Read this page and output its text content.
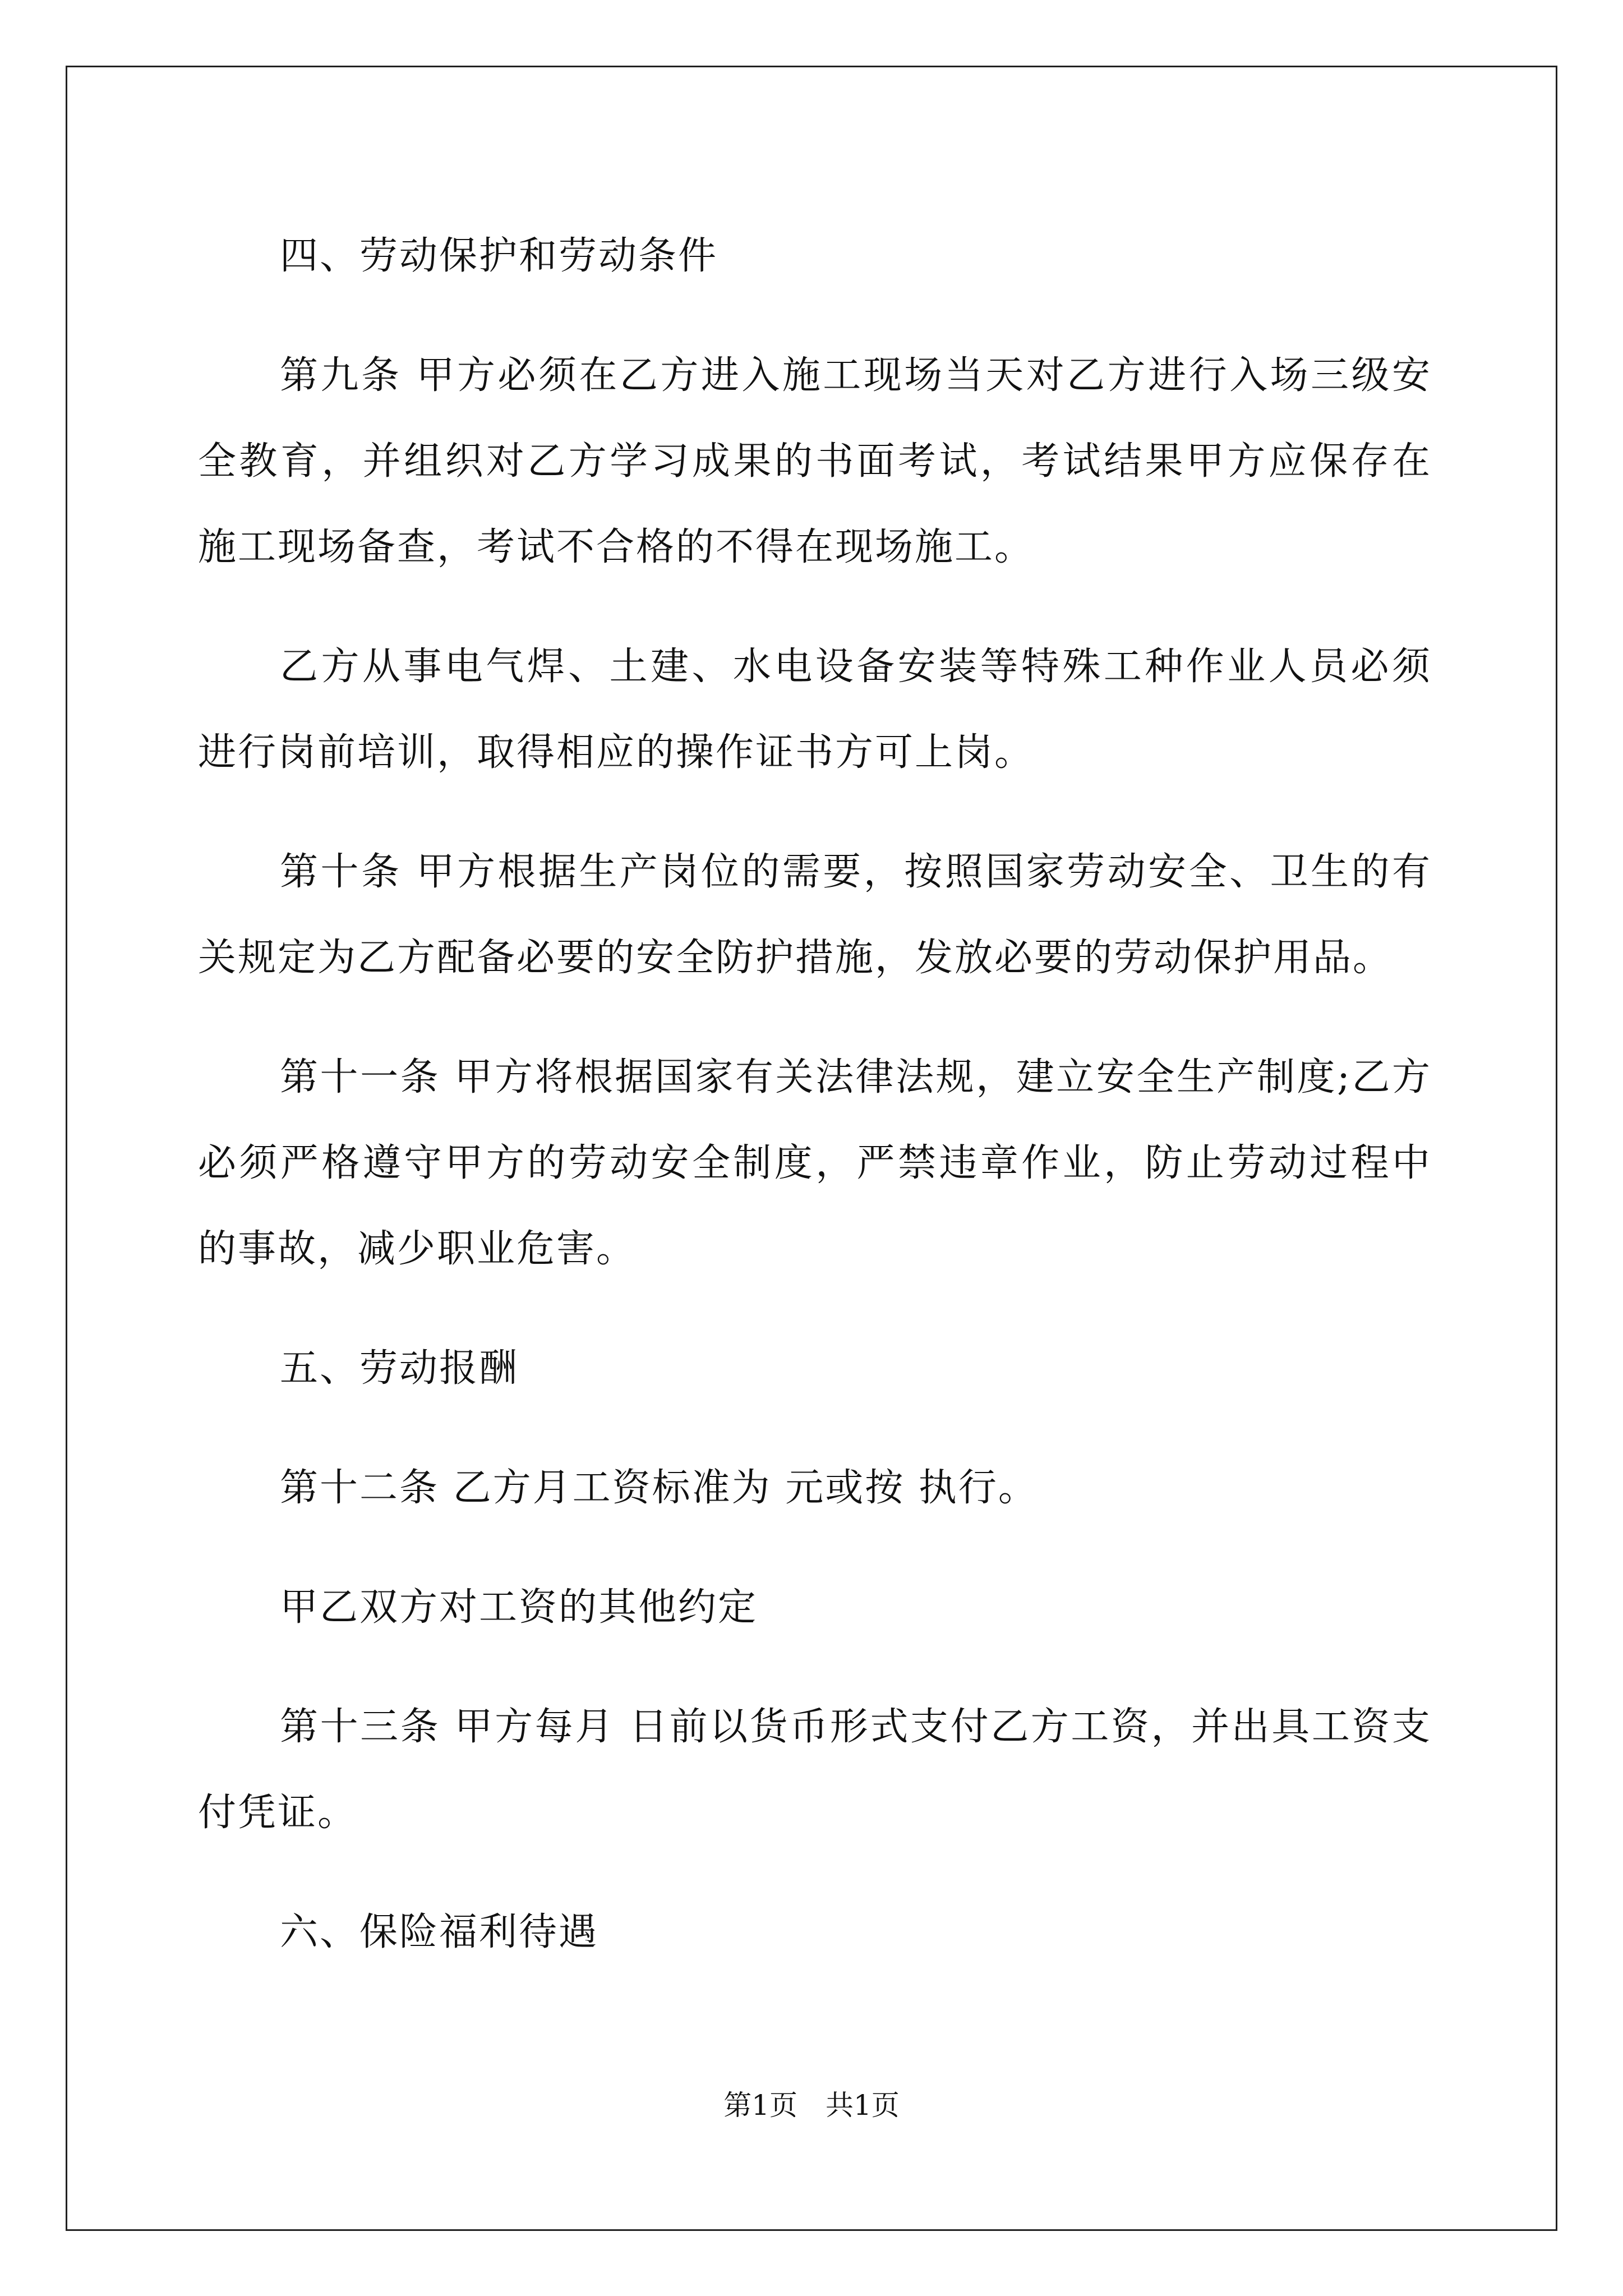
四、劳动保护和劳动条件

第九条 甲方必须在乙方进入施工现场当天对乙方进行入场三级安全教育，并组织对乙方学习成果的书面考试，考试结果甲方应保存在施工现场备查，考试不合格的不得在现场施工。

乙方从事电气焊、土建、水电设备安装等特殊工种作业人员必须进行岗前培训，取得相应的操作证书方可上岗。

第十条 甲方根据生产岗位的需要，按照国家劳动安全、卫生的有关规定为乙方配备必要的安全防护措施，发放必要的劳动保护用品。

第十一条 甲方将根据国家有关法律法规，建立安全生产制度;乙方必须严格遵守甲方的劳动安全制度，严禁违章作业，防止劳动过程中的事故，减少职业危害。

五、劳动报酬

第十二条 乙方月工资标准为 元或按 执行。

甲乙双方对工资的其他约定

第十三条 甲方每月 日前以货币形式支付乙方工资，并出具工资支付凭证。

六、保险福利待遇

第1页　共1页
